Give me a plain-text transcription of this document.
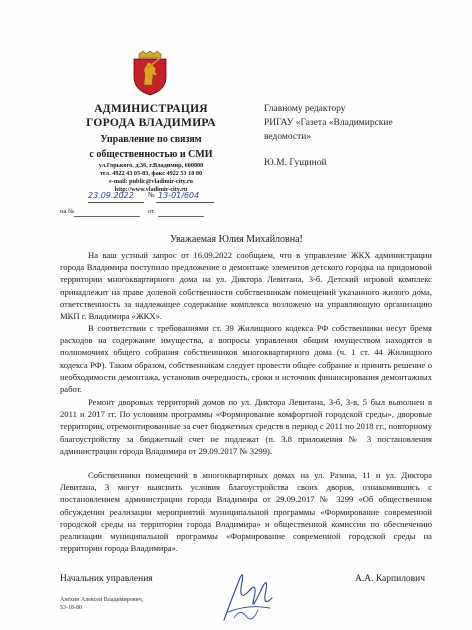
АДМИНИСТРАЦИЯ
ГОРОДА ВЛАДИМИРА
Управление по связям
с общественностью и СМИ
ул.Горького, д.36, г.Владимир, 600000
тел. 4922 43 05-83, факс 4922 53 18 80
e-mail: public@vladimir-city.ru
http://www.vladimir-city.ru
23.09.2022 № 13-01/604
на №	от
Главному редактору
РИГАУ «Газета «Владимирские
ведомости»
Ю.М. Гущиной
Уважаемая Юлия Михайловна!

На ваш устный запрос от 16.09.2022 сообщаем, что в управление ЖКХ администрации города Владимира поступило предложение о демонтаже элементов детского городка на придомовой территории многоквартирного дома на ул. Диктора Левитана, 3-б. Детский игровой комплекс принадлежит на праве долевой собственности собственникам помещений указанного жилого дома, ответственность за надлежащее содержание комплекса возложено на управляющую организацию МКП г. Владимира «ЖКХ».

В соответствии с требованиями ст. 39 Жилищного кодекса РФ собственники несут бремя расходов на содержание имущества, а вопросы управления общим имуществом находятся в полномочиях общего собрания собственников многоквартирного дома (ч. 1 ст. 44 Жилищного кодекса РФ). Таким образом, собственникам следует провести общее собрание и принять решение о необходимости демонтажа, установив очередность, сроки и источник финансирования демонтажных работ.

Ремонт дворовых территорий домов по ул. Диктора Левитана, 3-б, 3-в, 5 был выполнен в 2011 и 2017 гг. По условиям программы «Формирование комфортной городской среды», дворовые территории, отремонтированные за счет бюджетных средств в период с 2011 по 2018 гг., повторному благоустройству за бюджетный счет не подлежат (п. 3.8 приложения № 3 постановления администрации города Владимира от 29.09.2017 № 3299).

Собственники помещений в многоквартирных домах на ул. Разина, 11 и ул. Диктора Левитана, 3 могут выяснить условия благоустройства своих дворов, ознакомившись с постановлением администрации города Владимира от 29.09.2017 № 3299 «Об общественном обсуждении реализации мероприятий муниципальной программы «Формирование современной городской среды на территории города Владимира» и общественной комиссии по обеспечению реализации муниципальной программы «Формирование современной городской среды на территории города Владимира».

Начальник управления	А.А. Карпилович
Алёхин Алексей Владимирович,
53-18-80
